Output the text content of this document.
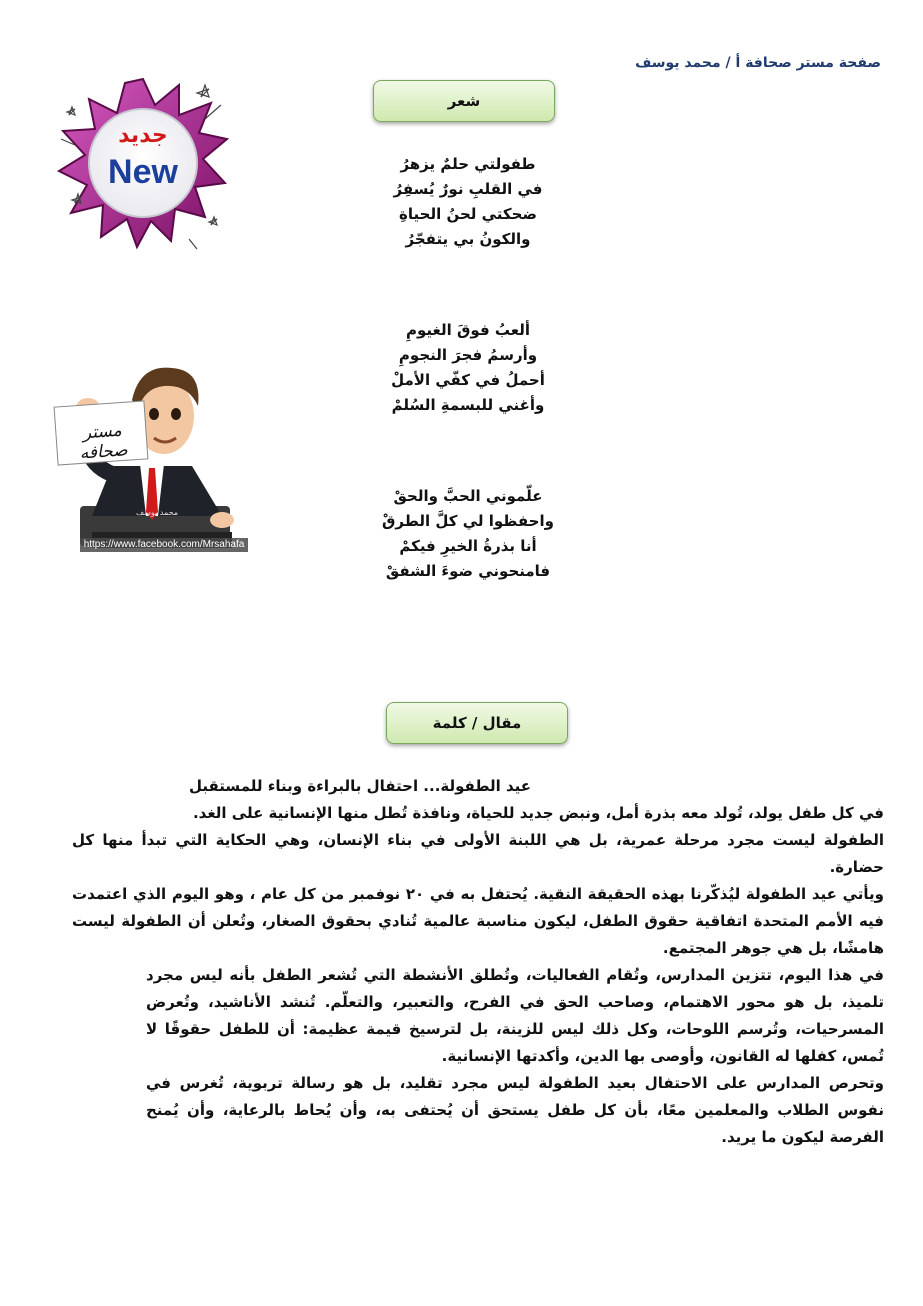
صفحة مستر صحافة أ / محمد يوسف
جديد
New
مستر صحافه
محمد يوسف
https://www.facebook.com/Mrsahafa
شعر
طفولتي حلمٌ يزهرُ
في القلبِ نورٌ يُسفِرُ
ضحكتي لحنُ الحياةِ
والكونُ بي يتفجّرُ
ألعبُ فوقَ الغيومِ
وأرسمُ فجرَ النجومِ
أحملُ في كفّي الأملْ
وأغني للبسمةِ السُلمْ
علّموني الحبَّ والحقْ
واحفظوا لي كلَّ الطرقْ
أنا بذرةُ الخيرِ فيكمْ
فامنحوني ضوءَ الشفقْ
مقال / كلمة
عيد الطفولة... احتفال بالبراءة وبناء للمستقبل

في كل طفل يولد، تُولد معه بذرة أمل، ونبض جديد للحياة، ونافذة تُطل منها الإنسانية على الغد.

الطفولة ليست مجرد مرحلة عمرية، بل هي اللبنة الأولى في بناء الإنسان، وهي الحكاية التي تبدأ منها كل حضارة.

ويأتي عيد الطفولة ليُذكّرنا بهذه الحقيقة النقية. يُحتفل به في ٢٠ نوفمبر من كل عام ، وهو اليوم الذي اعتمدت فيه الأمم المتحدة اتفاقية حقوق الطفل، ليكون مناسبة عالمية تُنادي بحقوق الصغار، وتُعلن أن الطفولة ليست هامشًا، بل هي جوهر المجتمع.

في هذا اليوم، تتزين المدارس، وتُقام الفعاليات، وتُطلق الأنشطة التي تُشعر الطفل بأنه ليس مجرد تلميذ، بل هو محور الاهتمام، وصاحب الحق في الفرح، والتعبير، والتعلّم. تُنشد الأناشيد، وتُعرض المسرحيات، وتُرسم اللوحات، وكل ذلك ليس للزينة، بل لترسيخ قيمة عظيمة: أن للطفل حقوقًا لا تُمس، كفلها له القانون، وأوصى بها الدين، وأكدتها الإنسانية.

وتحرص المدارس على الاحتفال بعيد الطفولة ليس مجرد تقليد، بل هو رسالة تربوية، تُغرس في نفوس الطلاب والمعلمين معًا، بأن كل طفل يستحق أن يُحتفى به، وأن يُحاط بالرعاية، وأن يُمنح الفرصة ليكون ما يريد.
